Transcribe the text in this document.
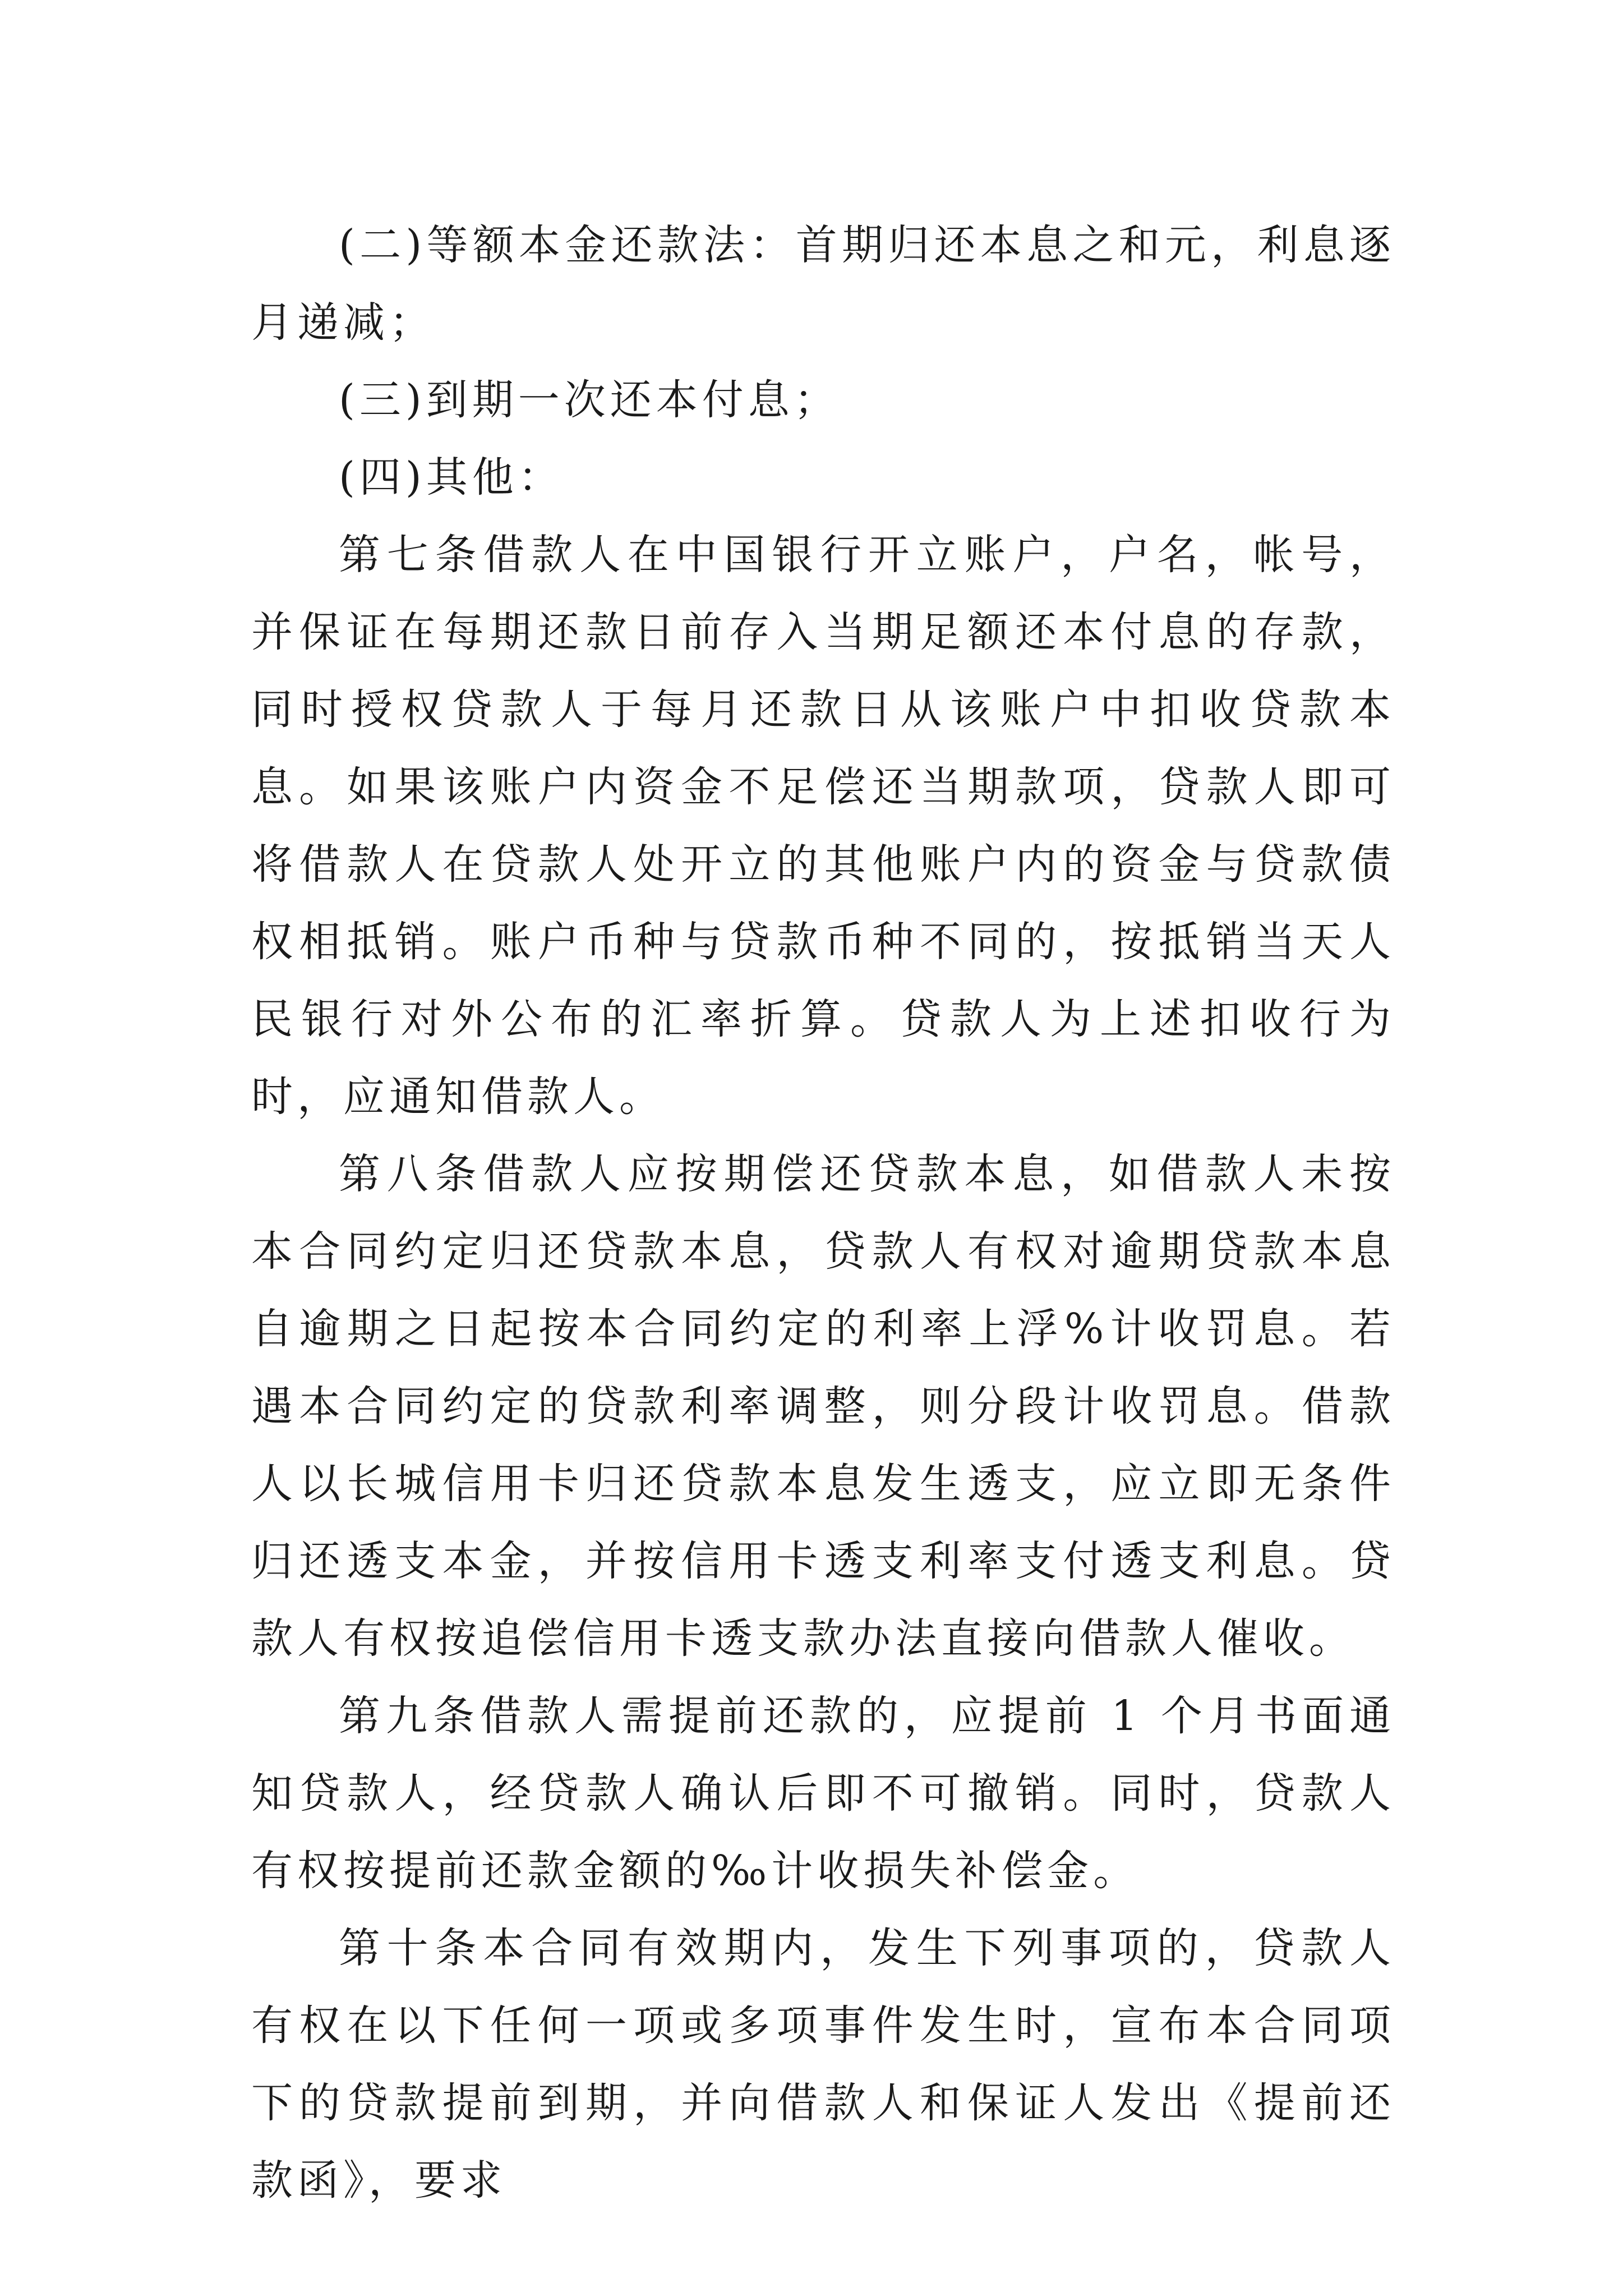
(二)等额本金还款法：首期归还本息之和元，利息逐月递减；

(三)到期一次还本付息；

(四)其他：

第七条借款人在中国银行开立账户，户名，帐号，并保证在每期还款日前存入当期足额还本付息的存款，同时授权贷款人于每月还款日从该账户中扣收贷款本息。如果该账户内资金不足偿还当期款项，贷款人即可将借款人在贷款人处开立的其他账户内的资金与贷款债权相抵销。账户币种与贷款币种不同的，按抵销当天人民银行对外公布的汇率折算。贷款人为上述扣收行为时，应通知借款人。

第八条借款人应按期偿还贷款本息，如借款人未按本合同约定归还贷款本息，贷款人有权对逾期贷款本息自逾期之日起按本合同约定的利率上浮%计收罚息。若遇本合同约定的贷款利率调整，则分段计收罚息。借款人以长城信用卡归还贷款本息发生透支，应立即无条件归还透支本金，并按信用卡透支利率支付透支利息。贷款人有权按追偿信用卡透支款办法直接向借款人催收。

第九条借款人需提前还款的，应提前 1 个月书面通知贷款人，经贷款人确认后即不可撤销。同时，贷款人有权按提前还款金额的‰计收损失补偿金。

第十条本合同有效期内，发生下列事项的，贷款人有权在以下任何一项或多项事件发生时，宣布本合同项下的贷款提前到期，并向借款人和保证人发出《提前还款函》，要求
